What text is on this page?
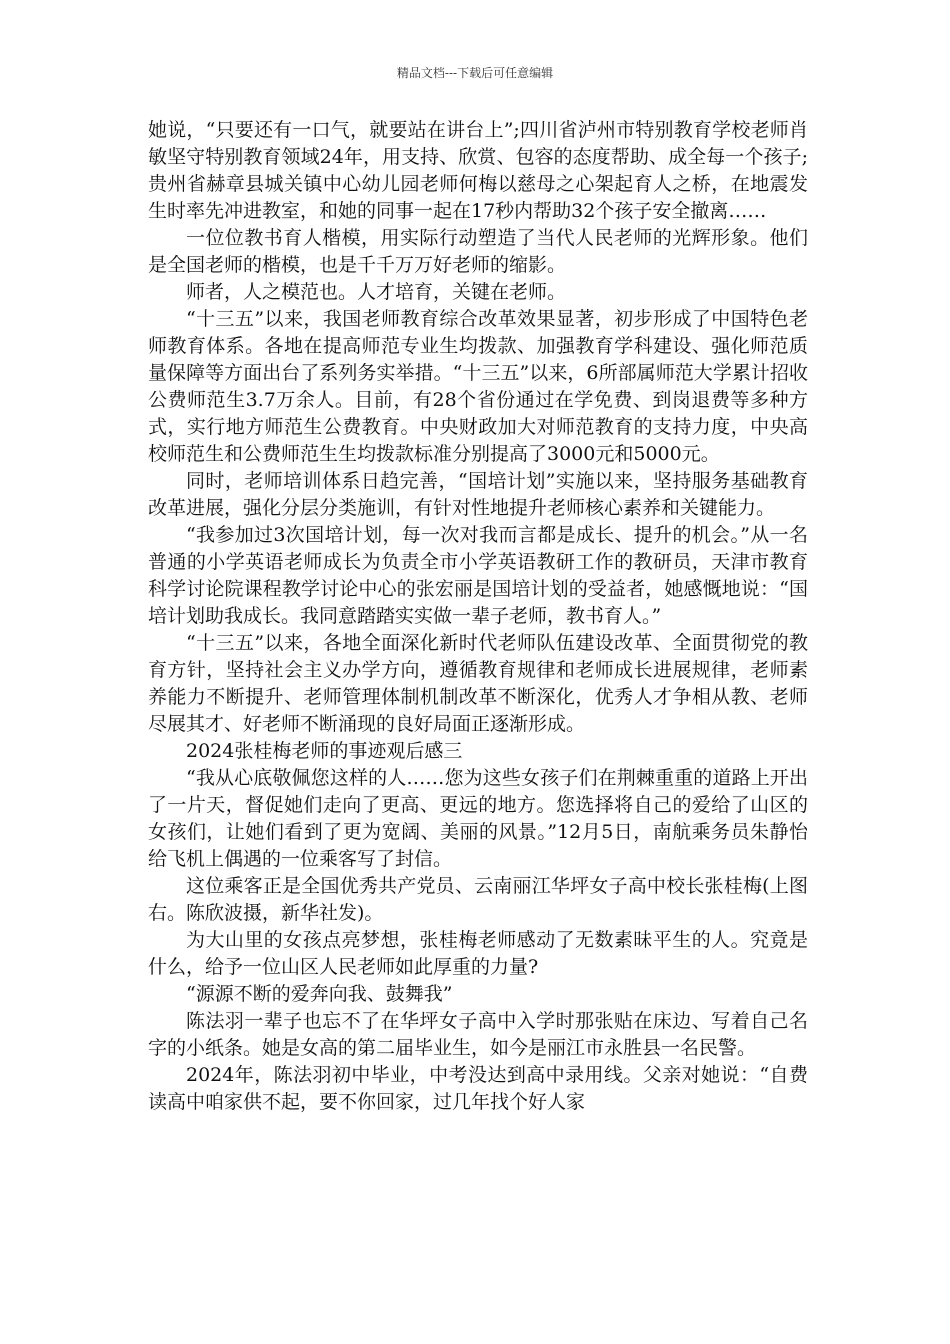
精品文档---下载后可任意编辑

她说，“只要还有一口气，就要站在讲台上”;四川省泸州市特别教育学校老师肖敏坚守特别教育领域24年，用支持、欣赏、包容的态度帮助、成全每一个孩子;贵州省赫章县城关镇中心幼儿园老师何梅以慈母之心架起育人之桥，在地震发生时率先冲进教室，和她的同事一起在17秒内帮助32个孩子安全撤离……

一位位教书育人楷模，用实际行动塑造了当代人民老师的光辉形象。他们是全国老师的楷模，也是千千万万好老师的缩影。

师者，人之模范也。人才培育，关键在老师。

“十三五”以来，我国老师教育综合改革效果显著，初步形成了中国特色老师教育体系。各地在提高师范专业生均拨款、加强教育学科建设、强化师范质量保障等方面出台了系列务实举措。“十三五”以来，6所部属师范大学累计招收公费师范生3.7万余人。目前，有28个省份通过在学免费、到岗退费等多种方式，实行地方师范生公费教育。中央财政加大对师范教育的支持力度，中央高校师范生和公费师范生生均拨款标准分别提高了3000元和5000元。

同时，老师培训体系日趋完善，“国培计划”实施以来，坚持服务基础教育改革进展，强化分层分类施训，有针对性地提升老师核心素养和关键能力。

“我参加过3次国培计划，每一次对我而言都是成长、提升的机会。”从一名普通的小学英语老师成长为负责全市小学英语教研工作的教研员，天津市教育科学讨论院课程教学讨论中心的张宏丽是国培计划的受益者，她感慨地说：“国培计划助我成长。我同意踏踏实实做一辈子老师，教书育人。”

“十三五”以来，各地全面深化新时代老师队伍建设改革、全面贯彻党的教育方针，坚持社会主义办学方向，遵循教育规律和老师成长进展规律，老师素养能力不断提升、老师管理体制机制改革不断深化，优秀人才争相从教、老师尽展其才、好老师不断涌现的良好局面正逐渐形成。

2024张桂梅老师的事迹观后感三

“我从心底敬佩您这样的人……您为这些女孩子们在荆棘重重的道路上开出了一片天，督促她们走向了更高、更远的地方。您选择将自己的爱给了山区的女孩们，让她们看到了更为宽阔、美丽的风景。”12月5日，南航乘务员朱静怡给飞机上偶遇的一位乘客写了封信。

这位乘客正是全国优秀共产党员、云南丽江华坪女子高中校长张桂梅(上图右。陈欣波摄，新华社发)。

为大山里的女孩点亮梦想，张桂梅老师感动了无数素昧平生的人。究竟是什么，给予一位山区人民老师如此厚重的力量?

“源源不断的爱奔向我、鼓舞我”

陈法羽一辈子也忘不了在华坪女子高中入学时那张贴在床边、写着自己名字的小纸条。她是女高的第二届毕业生，如今是丽江市永胜县一名民警。

2024年，陈法羽初中毕业，中考没达到高中录用线。父亲对她说：“自费读高中咱家供不起，要不你回家，过几年找个好人家
